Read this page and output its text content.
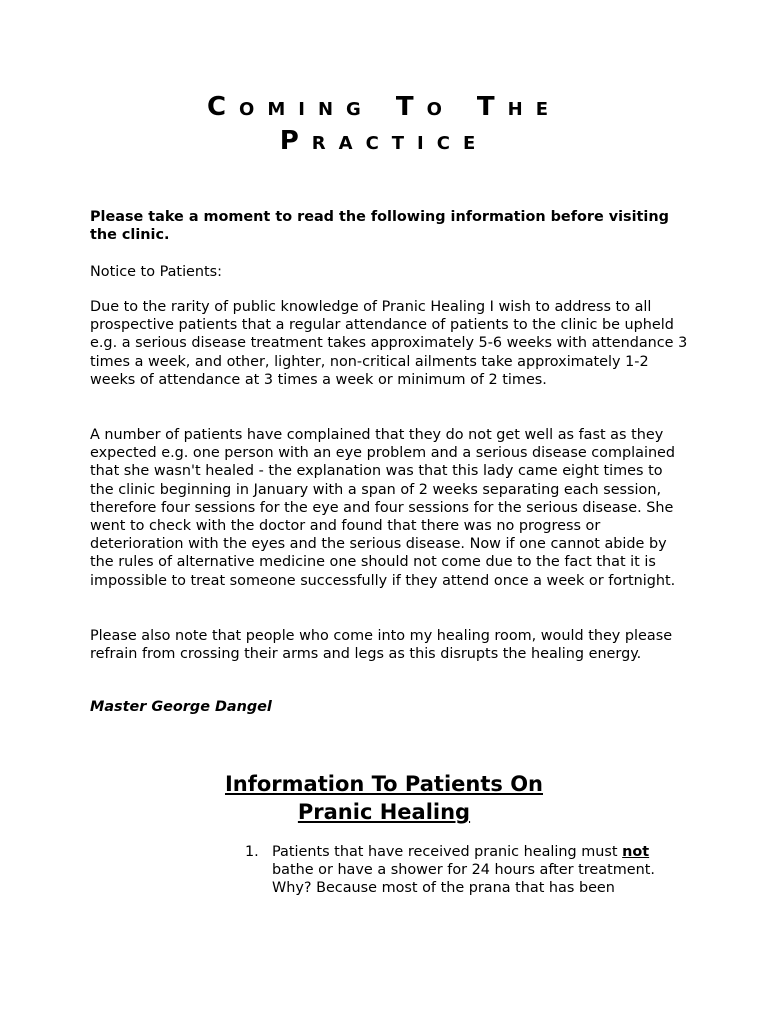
Coming To The
Practice

Please take a moment to read the following information before visiting the clinic.

Notice to Patients:

Due to the rarity of public knowledge of Pranic Healing I wish to address to all prospective patients that a regular attendance of patients to the clinic be upheld e.g. a serious disease treatment takes approximately 5-6 weeks with attendance 3 times a week, and other, lighter, non-critical ailments take approximately 1-2 weeks of attendance at 3 times a week or minimum of 2 times.

A number of patients have complained that they do not get well as fast as they expected e.g. one person with an eye problem and a serious disease complained that she wasn't healed - the explanation was that this lady came eight times to the clinic beginning in January with a span of 2 weeks separating each session, therefore four sessions for the eye and four sessions for the serious disease. She went to check with the doctor and found that there was no progress or deterioration with the eyes and the serious disease. Now if one cannot abide by the rules of alternative medicine one should not come due to the fact that it is impossible to treat someone successfully if they attend once a week or fortnight.

Please also note that people who come into my healing room, would they please refrain from crossing their arms and legs as this disrupts the healing energy.

Master George Dangel

Information To Patients On
Pranic Healing
1. Patients that have received pranic healing must not bathe or have a shower for 24 hours after treatment. Why? Because most of the prana that has been
